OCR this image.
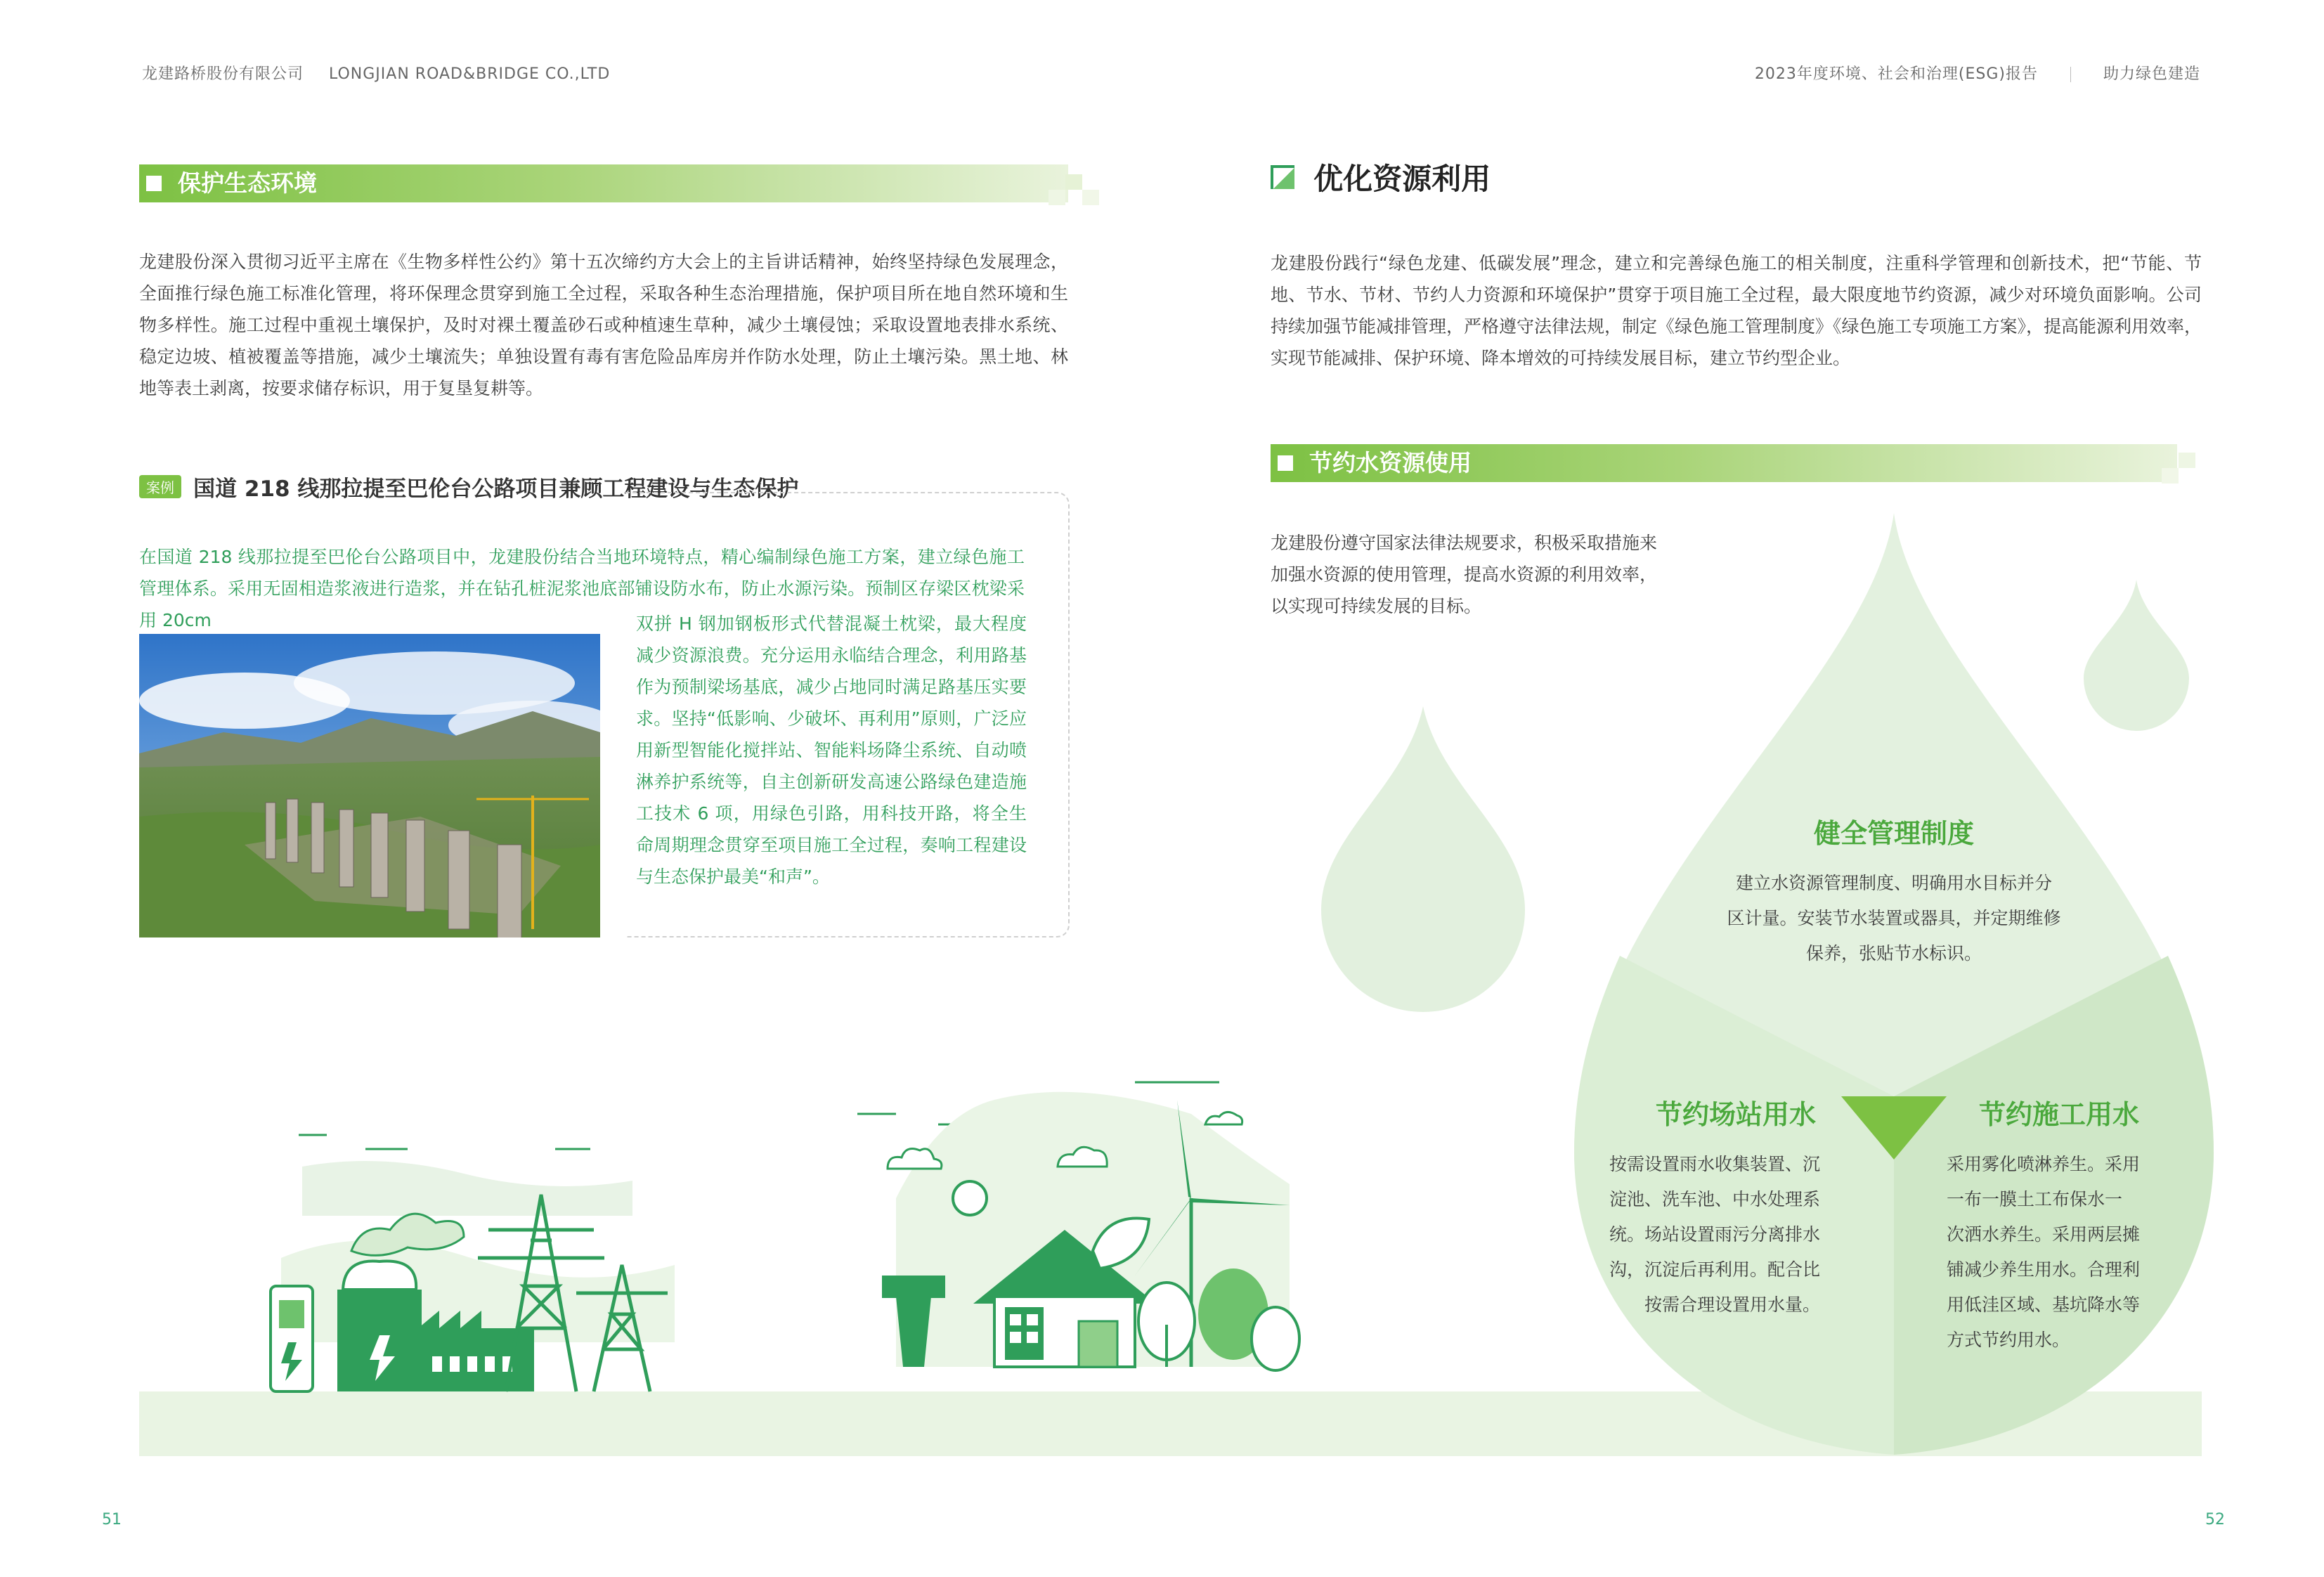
龙建路桥股份有限公司 LONGJIAN ROAD&BRIDGE CO.,LTD	2023年度环境、社会和治理(ESG)报告	助力绿色建造
保护生态环境
龙建股份深入贯彻习近平主席在《生物多样性公约》第十五次缔约方大会上的主旨讲话精神，始终坚持绿色发展理念，全面推行绿色施工标准化管理，将环保理念贯穿到施工全过程，采取各种生态治理措施，保护项目所在地自然环境和生物多样性。施工过程中重视土壤保护，及时对裸土覆盖砂石或种植速生草种，减少土壤侵蚀；采取设置地表排水系统、稳定边坡、植被覆盖等措施，减少土壤流失；单独设置有毒有害危险品库房并作防水处理，防止土壤污染。黑土地、林地等表土剥离，按要求储存标识，用于复垦复耕等。
案例 国道 218 线那拉提至巴伦台公路项目兼顾工程建设与生态保护
在国道 218 线那拉提至巴伦台公路项目中，龙建股份结合当地环境特点，精心编制绿色施工方案，建立绿色施工管理体系。采用无固相造浆液进行造浆，并在钻孔桩泥浆池底部铺设防水布，防止水源污染。预制区存梁区枕梁采用 20cm	双拼 H 钢加钢板形式代替混凝土枕梁，最大程度减少资源浪费。充分运用永临结合理念，利用路基作为预制梁场基底，减少占地同时满足路基压实要求。坚持“低影响、少破坏、再利用”原则，广泛应用新型智能化搅拌站、智能料场降尘系统、自动喷淋养护系统等，自主创新研发高速公路绿色建造施工技术 6 项，用绿色引路，用科技开路，将全生命周期理念贯穿至项目施工全过程，奏响工程建设与生态保护最美“和声”。
优化资源利用
龙建股份践行“绿色龙建、低碳发展”理念，建立和完善绿色施工的相关制度，注重科学管理和创新技术，把“节能、节地、节水、节材、节约人力资源和环境保护”贯穿于项目施工全过程，最大限度地节约资源，减少对环境负面影响。公司持续加强节能减排管理，严格遵守法律法规，制定《绿色施工管理制度》《绿色施工专项施工方案》，提高能源利用效率，实现节能减排、保护环境、降本增效的可持续发展目标，建立节约型企业。
节约水资源使用
龙建股份遵守国家法律法规要求，积极采取措施来
加强水资源的使用管理，提高水资源的利用效率，
以实现可持续发展的目标。
健全管理制度
建立水资源管理制度、明确用水目标并分
区计量。安装节水装置或器具，并定期维修
保养，张贴节水标识。
节约场站用水
按需设置雨水收集装置、沉
淀池、洗车池、中水处理系
统。场站设置雨污分离排水
沟，沉淀后再利用。配合比
按需合理设置用水量。
节约施工用水
采用雾化喷淋养生。采用
一布一膜土工布保水一
次洒水养生。采用两层摊
铺减少养生用水。合理利
用低洼区域、基坑降水等
方式节约用水。
51	52
